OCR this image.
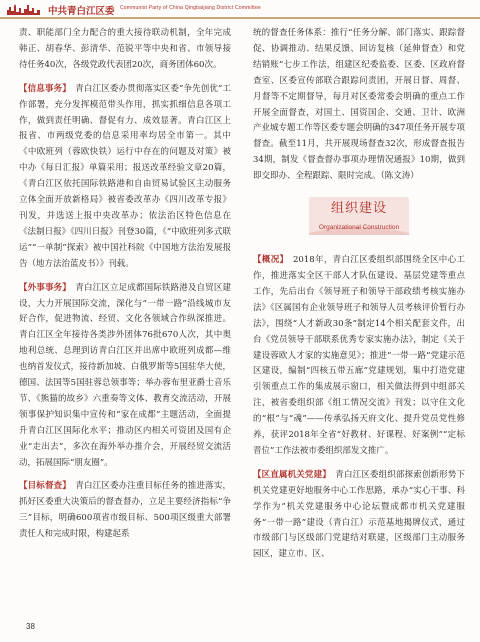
中共青白江区委 Communist Party of China Qingbaijiang District Committee

责、职能部门全力配合的重大接待联动机制，全年完成韩正、胡春华、彭清华、范锐平等中央和省、市领导接待任务40次，各级党政代表团20次，商务团体60次。

【信息事务】　 青白江区委办贯彻落实区委“争先创优”工作部署，充分发挥模范带头作用，抓实抓细信息各项工作，做到责任明确、督促有力、成效显著。青白江区上报省、市两级党委的信息采用率均居全市第一。其中《中欧班列（蓉欧快铁）运行中存在的问题及对策》被中办《每日汇报》单篇采用；报送改革经验文章20篇，《青白江区依托国际铁路港和自由贸易试验区主动服务立体全面开放新格局》被省委改革办《四川改革专报》刊发，并选送上报中央改革办；依法治区特色信息在《法制日报》《四川日报》刊登30篇，《“中欧班列多式联运”“一单制”探索》被中国社科院《中国地方法治发展报告（地方法治蓝皮书）》刊载。

【外事事务】　 青白江区立足成都国际铁路港及自贸区建设，大力开展国际交流，深化与“一带一路”沿线城市友好合作，促进物流、经贸、文化各领域合作纵深推进。青白江区全年接待各类涉外团体76批670人次，其中奥地利总统、总理到访青白江区并出席中欧班列成都—维也纳首发仪式，接待新加坡、白俄罗斯等5国驻华大使，德国、法国等5国驻蓉总领事等；举办蓉布里亚爵士音乐节、《熊猫的故乡》六重奏等文体、教育交流活动，开展领事保护知识集中宣传和“家在成都”主题活动，全面提升青白江区国际化水平；推动区内相关可资团及国有企业“走出去”，多次在海外举办推介会，开展经贸交流活动，拓展国际“朋友圈”。

【目标督查】　 青白江区委办注重目标任务的推进落实，抓好区委重大决策后的督查督办，立足主要经济指标“争三”目标，明确600项省市级目标、500项区级重大部署责任人和完成时限，构建起系

统的督查任务体系：推行“任务分解、部门落实、跟踪督促、协调推动、结果反馈、回访复核（延伸督查）和党结销账”七步工作法，组建区纪委监委、区委、区政府督查室、区委宣传部联合跟踪问责团，开展日督、周督、月督等不定期督导，每月对区委常委会明确的重点工作开展全面督查，对国土、国资国企、交通、卫计、欧洲产业城专题工作等区委专题会明确的347项任务开展专项督查。截至11月，共开展现场督查32次，形成督查报告34期，制发《督查督办事项办理情况通报》10期，做到即交即办、全程跟踪、限时完成。（陈文涛）

组织建设
Organizational Construction

【概况】　 2018年，青白江区委组织部围绕全区中心工作，推进落实全区干部人才队伍建设、基层党建等重点工作，先后出台《领导班子和领导干部政绩考核实施办法》《区属国有企业领导班子和领导人员考核评价暂行办法》，围绕“人才新政30条”制定14个相关配套文件，出台《党员领导干部联系优秀专家实施办法》，制定《关于建设蓉欧人才家的实施意见》；推进“一带一路”党建示范区建设，编制“四核五带五廊”党建规划，集中打造党建引领重点工作的集成展示窗口，相关做法得到中组部关注，被省委组织部《组工情况交流》刊发；以守住文化的“根”与“魂”——传承弘扬天府文化、提升党员党性修养，获评2018年全省“好教材、好课程、好案例”“定标晋位”工作法被市委组织部发文推广。

【区直属机关党建】　 青白江区委组织部探索创新形势下机关党建更好地服务中心工作思路，承办“实心干事、科学作为”机关党建服务中心论坛暨成都市机关党建服务“一带一路”建设（青白江）示范基地揭牌仪式，通过市级部门与区级部门党建结对联建，区级部门主动服务园区，建立市、区、

38
